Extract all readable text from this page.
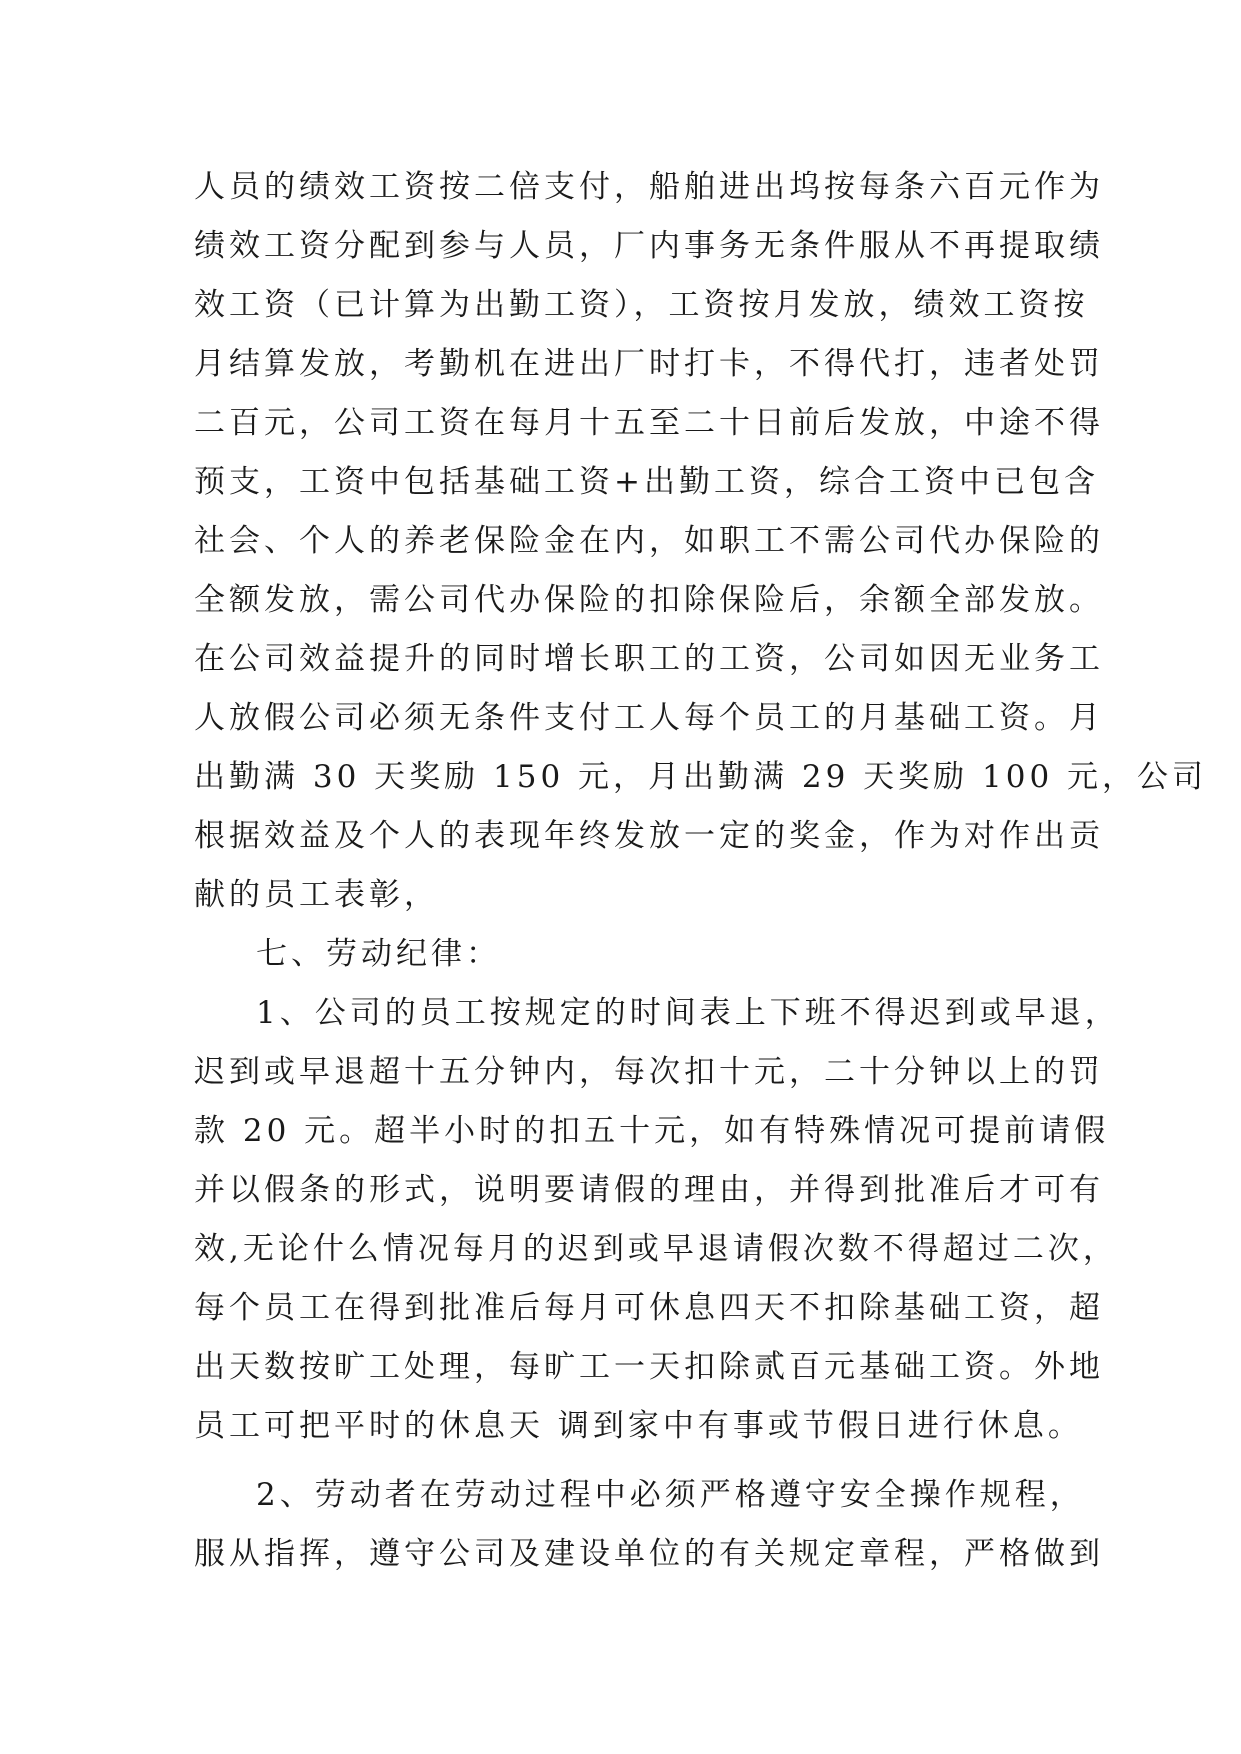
人员的绩效工资按二倍支付，船舶进出坞按每条六百元作为
绩效工资分配到参与人员，厂内事务无条件服从不再提取绩
效工资（已计算为出勤工资），工资按月发放，绩效工资按
月结算发放，考勤机在进出厂时打卡，不得代打，违者处罚
二百元，公司工资在每月十五至二十日前后发放，中途不得
预支，工资中包括基础工资+出勤工资，综合工资中已包含
社会、个人的养老保险金在内，如职工不需公司代办保险的
全额发放，需公司代办保险的扣除保险后，余额全部发放。
在公司效益提升的同时增长职工的工资，公司如因无业务工
人放假公司必须无条件支付工人每个员工的月基础工资。月
出勤满 30 天奖励 150 元，月出勤满 29 天奖励 100 元，公司
根据效益及个人的表现年终发放一定的奖金，作为对作出贡
献的员工表彰，
七、劳动纪律：
1、公司的员工按规定的时间表上下班不得迟到或早退，
迟到或早退超十五分钟内，每次扣十元，二十分钟以上的罚
款 20 元。超半小时的扣五十元，如有特殊情况可提前请假
并以假条的形式，说明要请假的理由，并得到批准后才可有
效,无论什么情况每月的迟到或早退请假次数不得超过二次，
每个员工在得到批准后每月可休息四天不扣除基础工资，超
出天数按旷工处理，每旷工一天扣除贰百元基础工资。外地
员工可把平时的休息天 调到家中有事或节假日进行休息。
2、劳动者在劳动过程中必须严格遵守安全操作规程，
服从指挥，遵守公司及建设单位的有关规定章程，严格做到
